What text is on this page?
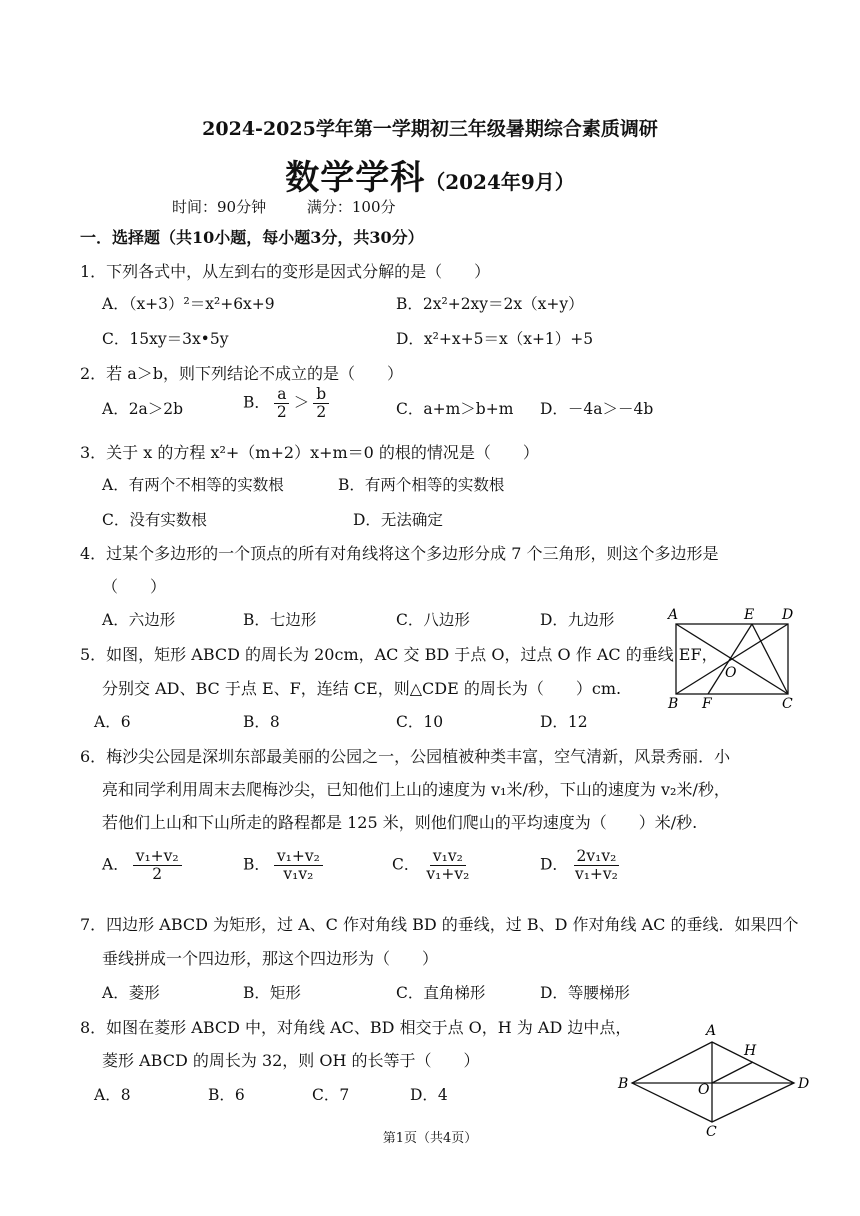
2024-2025学年第一学期初三年级暑期综合素质调研
数学学科（2024年9月）
时间：90分钟	满分：100分
一．选择题（共10小题，每小题3分，共30分）
1．下列各式中，从左到右的变形是因式分解的是（　　）
A．（x+3）²＝x²+6x+9	B．2x²+2xy＝2x（x+y）
C．15xy＝3x•5y	D．x²+x+5＝x（x+1）+5
2．若 a＞b，则下列结论不成立的是（　　）
A．2a＞2b	B． $\frac{a}{2} > \frac{b}{2}$	C．a+m＞b+m D．－4a＞－4b
3．关于 x 的方程 x²+（m+2）x+m＝0 的根的情况是（　　）
A．有两个不相等的实数根	B．有两个相等的实数根
C．没有实数根	D．无法确定
4．过某个多边形的一个顶点的所有对角线将这个多边形分成 7 个三角形，则这个多边形是
（　　）
A．六边形	B．七边形	C．八边形	D．九边形	A	E D
O
B F	C
5．如图，矩形 ABCD 的周长为 20cm，AC 交 BD 于点 O，过点 O 作 AC 的垂线 EF，
分别交 AD、BC 于点 E、F，连结 CE，则△CDE 的周长为（　　）cm.
A．6	B．8	C．10	D．12
6．梅沙尖公园是深圳东部最美丽的公园之一，公园植被种类丰富，空气清新，风景秀丽．小
亮和同学利用周末去爬梅沙尖，已知他们上山的速度为 v₁米/秒，下山的速度为 v₂米/秒，
若他们上山和下山所走的路程都是 125 米，则他们爬山的平均速度为（　　）米/秒.
A． $\frac{\text{v₁+v₂}}{2}$	B． $\frac{\text{v₁+v₂}}{\text{v₁v₂}}$	C． $\frac{\text{v₁v₂}}{\text{v₁+v₂}}$	D． $\frac{\text{2v₁v₂}}{\text{v₁+v₂}}$
7．四边形 ABCD 为矩形，过 A、C 作对角线 BD 的垂线，过 B、D 作对角线 AC 的垂线．如果四个
垂线拼成一个四边形，那这个四边形为（　　）
A．菱形	B．矩形	C．直角梯形	D．等腰梯形
8．如图在菱形 ABCD 中，对角线 AC、BD 相交于点 O，H 为 AD 边中点，
菱形 ABCD 的周长为 32，则 OH 的长等于（　　）
A．8	B．6	C．7	D．4
A
H
B	O	D
C
第1页（共4页）
